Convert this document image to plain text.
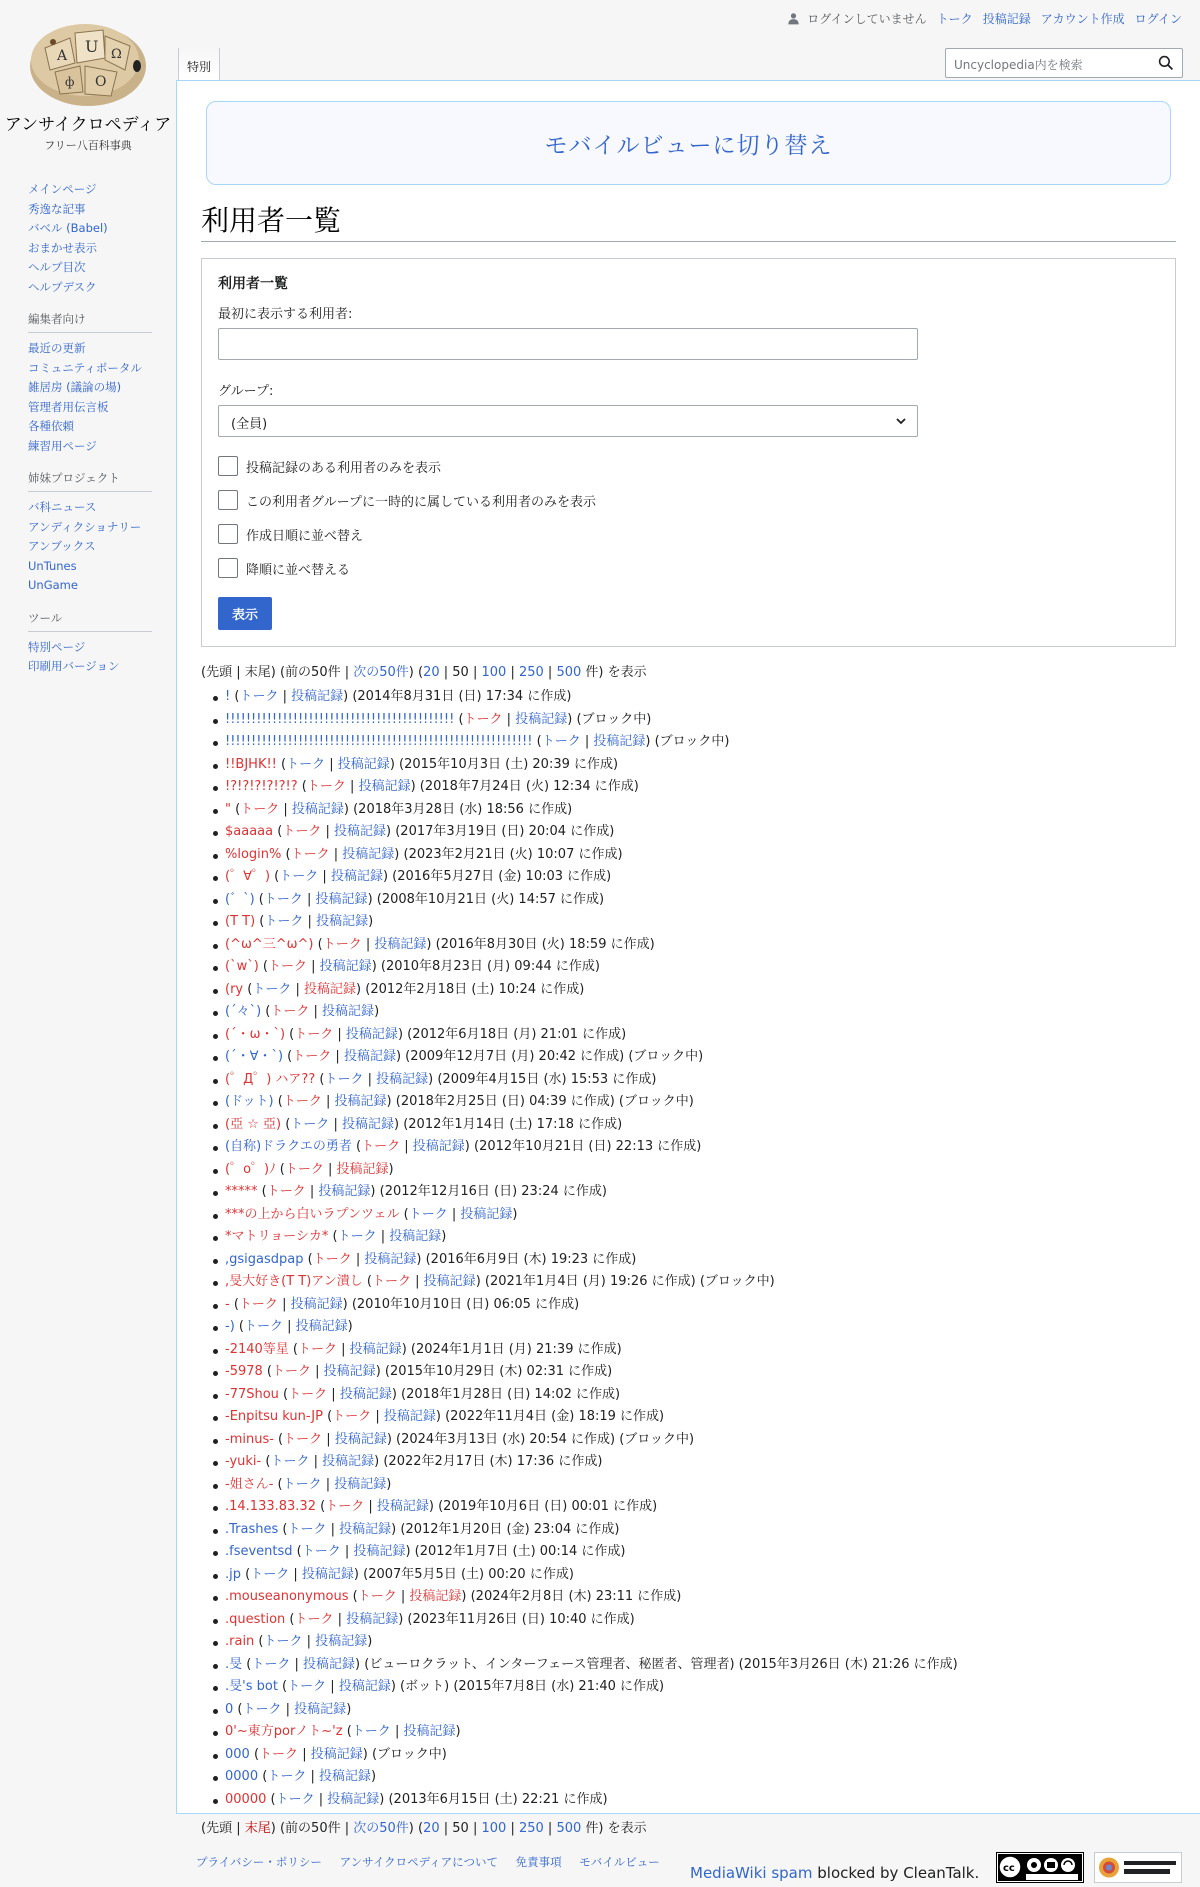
ログインしていません トーク 投稿記録 アカウント作成 ログイン
A U Ω
ф O
アンサイクロペディア
フリー八百科事典
特別	Uncyclopedia内を検索
メインページ
秀逸な記事
バベル (Babel)
おまかせ表示
ヘルプ目次
ヘルプデスク
編集者向け
最近の更新
コミュニティポータル
雑居房 (議論の場)
管理者用伝言板
各種依頼
練習用ページ
姉妹プロジェクト
バ科ニュース
アンディクショナリー
アンブックス
UnTunes
UnGame
ツール
特別ページ
印刷用バージョン
モバイルビューに切り替え
利用者一覧
利用者一覧
最初に表示する利用者:
グループ:
(全員)
投稿記録のある利用者のみを表示
この利用者グループに一時的に属している利用者のみを表示
作成日順に並べ替え
降順に並べ替える
表示
(先頭 | 末尾) (前の50件 | 次の50件) (20 | 50 | 100 | 250 | 500 件) を表示
! (トーク | 投稿記録) (2014年8月31日 (日) 17:34 に作成)
!!!!!!!!!!!!!!!!!!!!!!!!!!!!!!!!!!!!!!!!!!!! (トーク | 投稿記録) (ブロック中)
!!!!!!!!!!!!!!!!!!!!!!!!!!!!!!!!!!!!!!!!!!!!!!!!!!!!!!!!!!! (トーク | 投稿記録) (ブロック中)
!!BJHK!! (トーク | 投稿記録) (2015年10月3日 (土) 20:39 に作成)
!?!?!?!?!?!? (トーク | 投稿記録) (2018年7月24日 (火) 12:34 に作成)
" (トーク | 投稿記録) (2018年3月28日 (水) 18:56 に作成)
$aaaaa (トーク | 投稿記録) (2017年3月19日 (日) 20:04 に作成)
%login% (トーク | 投稿記録) (2023年2月21日 (火) 10:07 に作成)
(゜∀゜) (トーク | 投稿記録) (2016年5月27日 (金) 10:03 に作成)
(゛`) (トーク | 投稿記録) (2008年10月21日 (火) 14:57 に作成)
(T T) (トーク | 投稿記録)
(^ω^三^ω^) (トーク | 投稿記録) (2016年8月30日 (火) 18:59 に作成)
(`w`) (トーク | 投稿記録) (2010年8月23日 (月) 09:44 に作成)
(ry (トーク | 投稿記録) (2012年2月18日 (土) 10:24 に作成)
(´々`) (トーク | 投稿記録)
(´・ω・`) (トーク | 投稿記録) (2012年6月18日 (月) 21:01 に作成)
(´・∀・`) (トーク | 投稿記録) (2009年12月7日 (月) 20:42 に作成) (ブロック中)
(゜Д゜) ハア?? (トーク | 投稿記録) (2009年4月15日 (水) 15:53 に作成)
(ドット) (トーク | 投稿記録) (2018年2月25日 (日) 04:39 に作成) (ブロック中)
(亞 ☆ 亞) (トーク | 投稿記録) (2012年1月14日 (土) 17:18 に作成)
(自称)ドラクエの勇者 (トーク | 投稿記録) (2012年10月21日 (日) 22:13 に作成)
(゜o゜)ﾉ (トーク | 投稿記録)
***** (トーク | 投稿記録) (2012年12月16日 (日) 23:24 に作成)
***の上から白いラプンツェル (トーク | 投稿記録)
*マトリョーシカ* (トーク | 投稿記録)
,gsigasdpap (トーク | 投稿記録) (2016年6月9日 (木) 19:23 に作成)
,旻大好き(T T)アン潰し (トーク | 投稿記録) (2021年1月4日 (月) 19:26 に作成) (ブロック中)
- (トーク | 投稿記録) (2010年10月10日 (日) 06:05 に作成)
-) (トーク | 投稿記録)
-2140等星 (トーク | 投稿記録) (2024年1月1日 (月) 21:39 に作成)
-5978 (トーク | 投稿記録) (2015年10月29日 (木) 02:31 に作成)
-77Shou (トーク | 投稿記録) (2018年1月28日 (日) 14:02 に作成)
-Enpitsu kun-JP (トーク | 投稿記録) (2022年11月4日 (金) 18:19 に作成)
-minus- (トーク | 投稿記録) (2024年3月13日 (水) 20:54 に作成) (ブロック中)
-yuki- (トーク | 投稿記録) (2022年2月17日 (木) 17:36 に作成)
-姐さん- (トーク | 投稿記録)
.14.133.83.32 (トーク | 投稿記録) (2019年10月6日 (日) 00:01 に作成)
.Trashes (トーク | 投稿記録) (2012年1月20日 (金) 23:04 に作成)
.fseventsd (トーク | 投稿記録) (2012年1月7日 (土) 00:14 に作成)
.jp (トーク | 投稿記録) (2007年5月5日 (土) 00:20 に作成)
.mouseanonymous (トーク | 投稿記録) (2024年2月8日 (木) 23:11 に作成)
.question (トーク | 投稿記録) (2023年11月26日 (日) 10:40 に作成)
.rain (トーク | 投稿記録)
.旻 (トーク | 投稿記録) (ビューロクラット、インターフェース管理者、秘匿者、管理者) (2015年3月26日 (木) 21:26 に作成)
.旻's bot (トーク | 投稿記録) (ボット) (2015年7月8日 (水) 21:40 に作成)
0 (トーク | 投稿記録)
0'~東方porノト~'z (トーク | 投稿記録)
000 (トーク | 投稿記録) (ブロック中)
0000 (トーク | 投稿記録)
00000 (トーク | 投稿記録) (2013年6月15日 (土) 22:21 に作成)
(先頭 | 末尾) (前の50件 | 次の50件) (20 | 50 | 100 | 250 | 500 件) を表示
プライバシー・ポリシー アンサイクロペディアについて 免責事項 モバイルビュー
MediaWiki spam blocked by CleanTalk. cc
